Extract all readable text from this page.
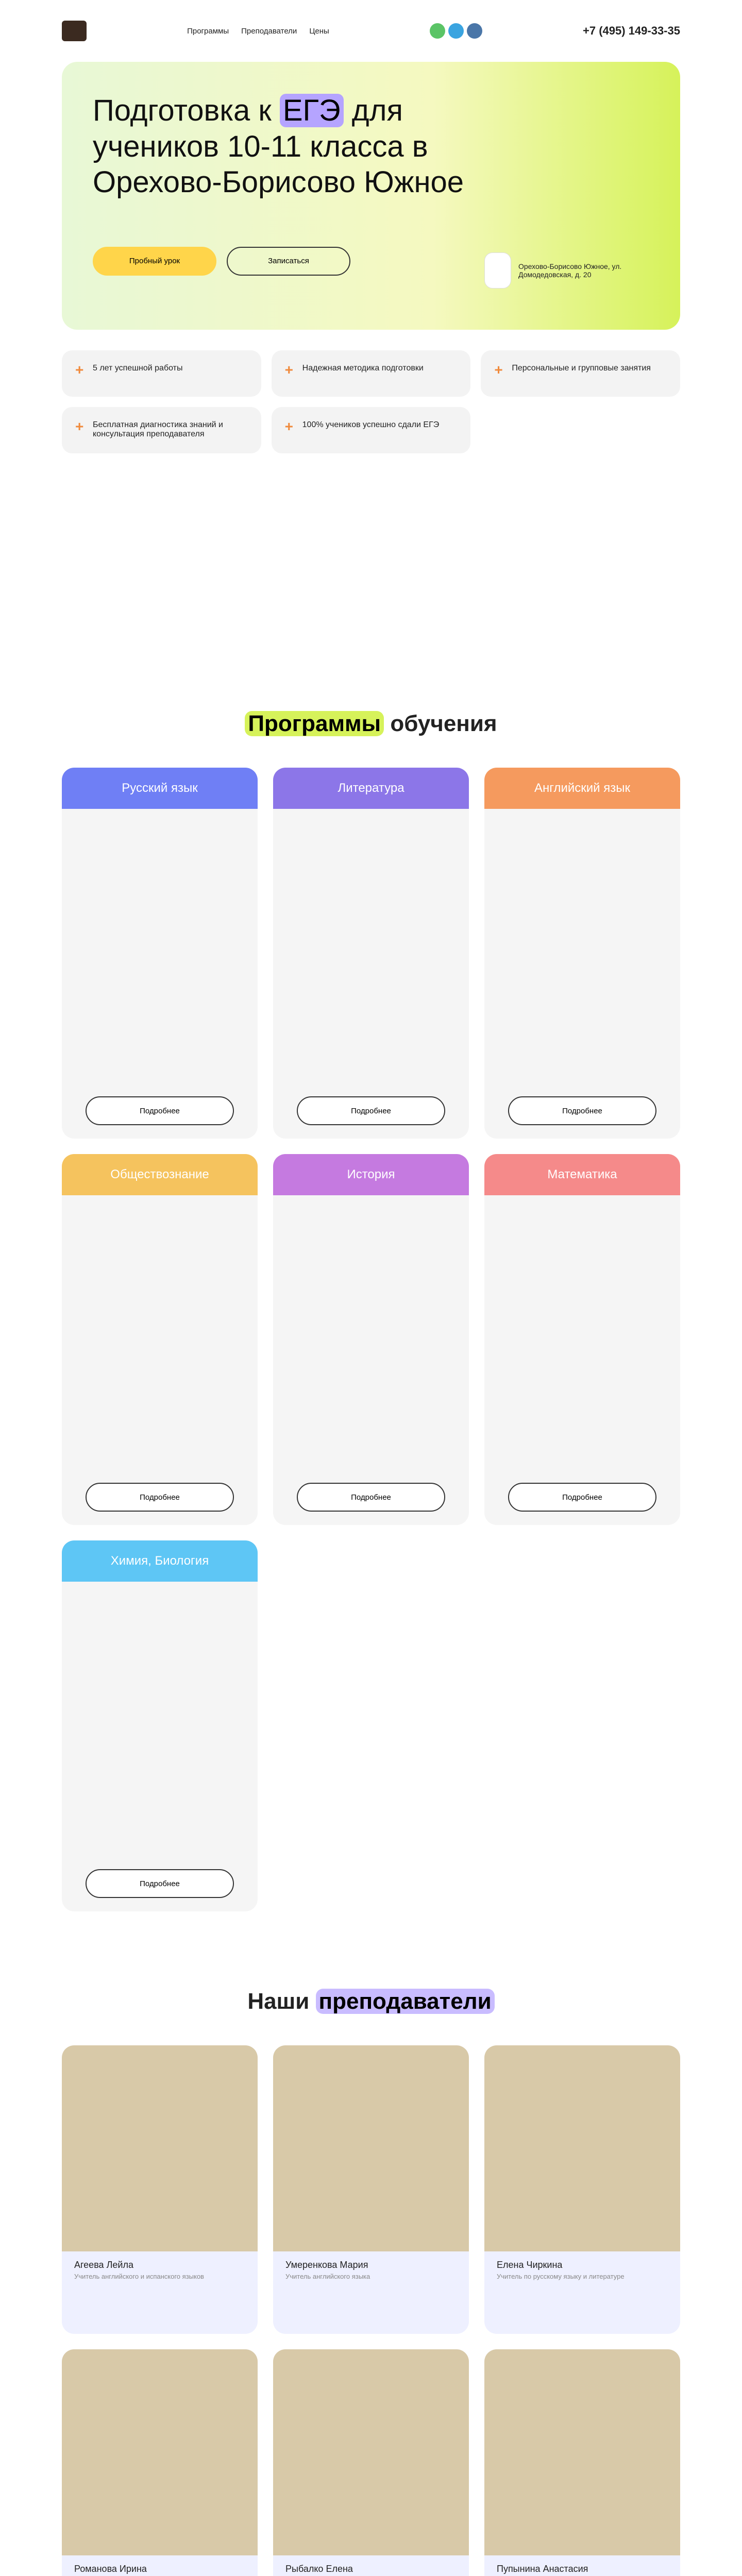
Программы Преподаватели Цены	+7 (495) 149-33-35
Подготовка к ЕГЭ для учеников 10-11 класса в Орехово-Борисово Южное
Пробный урок	Записаться
Орехово-Борисово Южное, ул. Домодедовская, д. 20
+ 5 лет успешной работы	+ Надежная методика подготовки	+ Персональные и групповые занятия
+ Бесплатная диагностика знаний и консультация преподавателя
+ 100% учеников успешно сдали ЕГЭ
Программы обучения
Русский язык
Подробнее
Литература
Подробнее
Английский язык
Подробнее
Обществознание
Подробнее
История
Подробнее
Математика
Подробнее
Химия, Биология
Подробнее
Наши преподаватели
Агеева Лейла
Учитель английского и испанского языков
Умеренкова Мария
Учитель английского языка
Елена Чиркина
Учитель по русскому языку и литературе
Романова Ирина	Рыбалко Елена	Пупынина Анастасия
